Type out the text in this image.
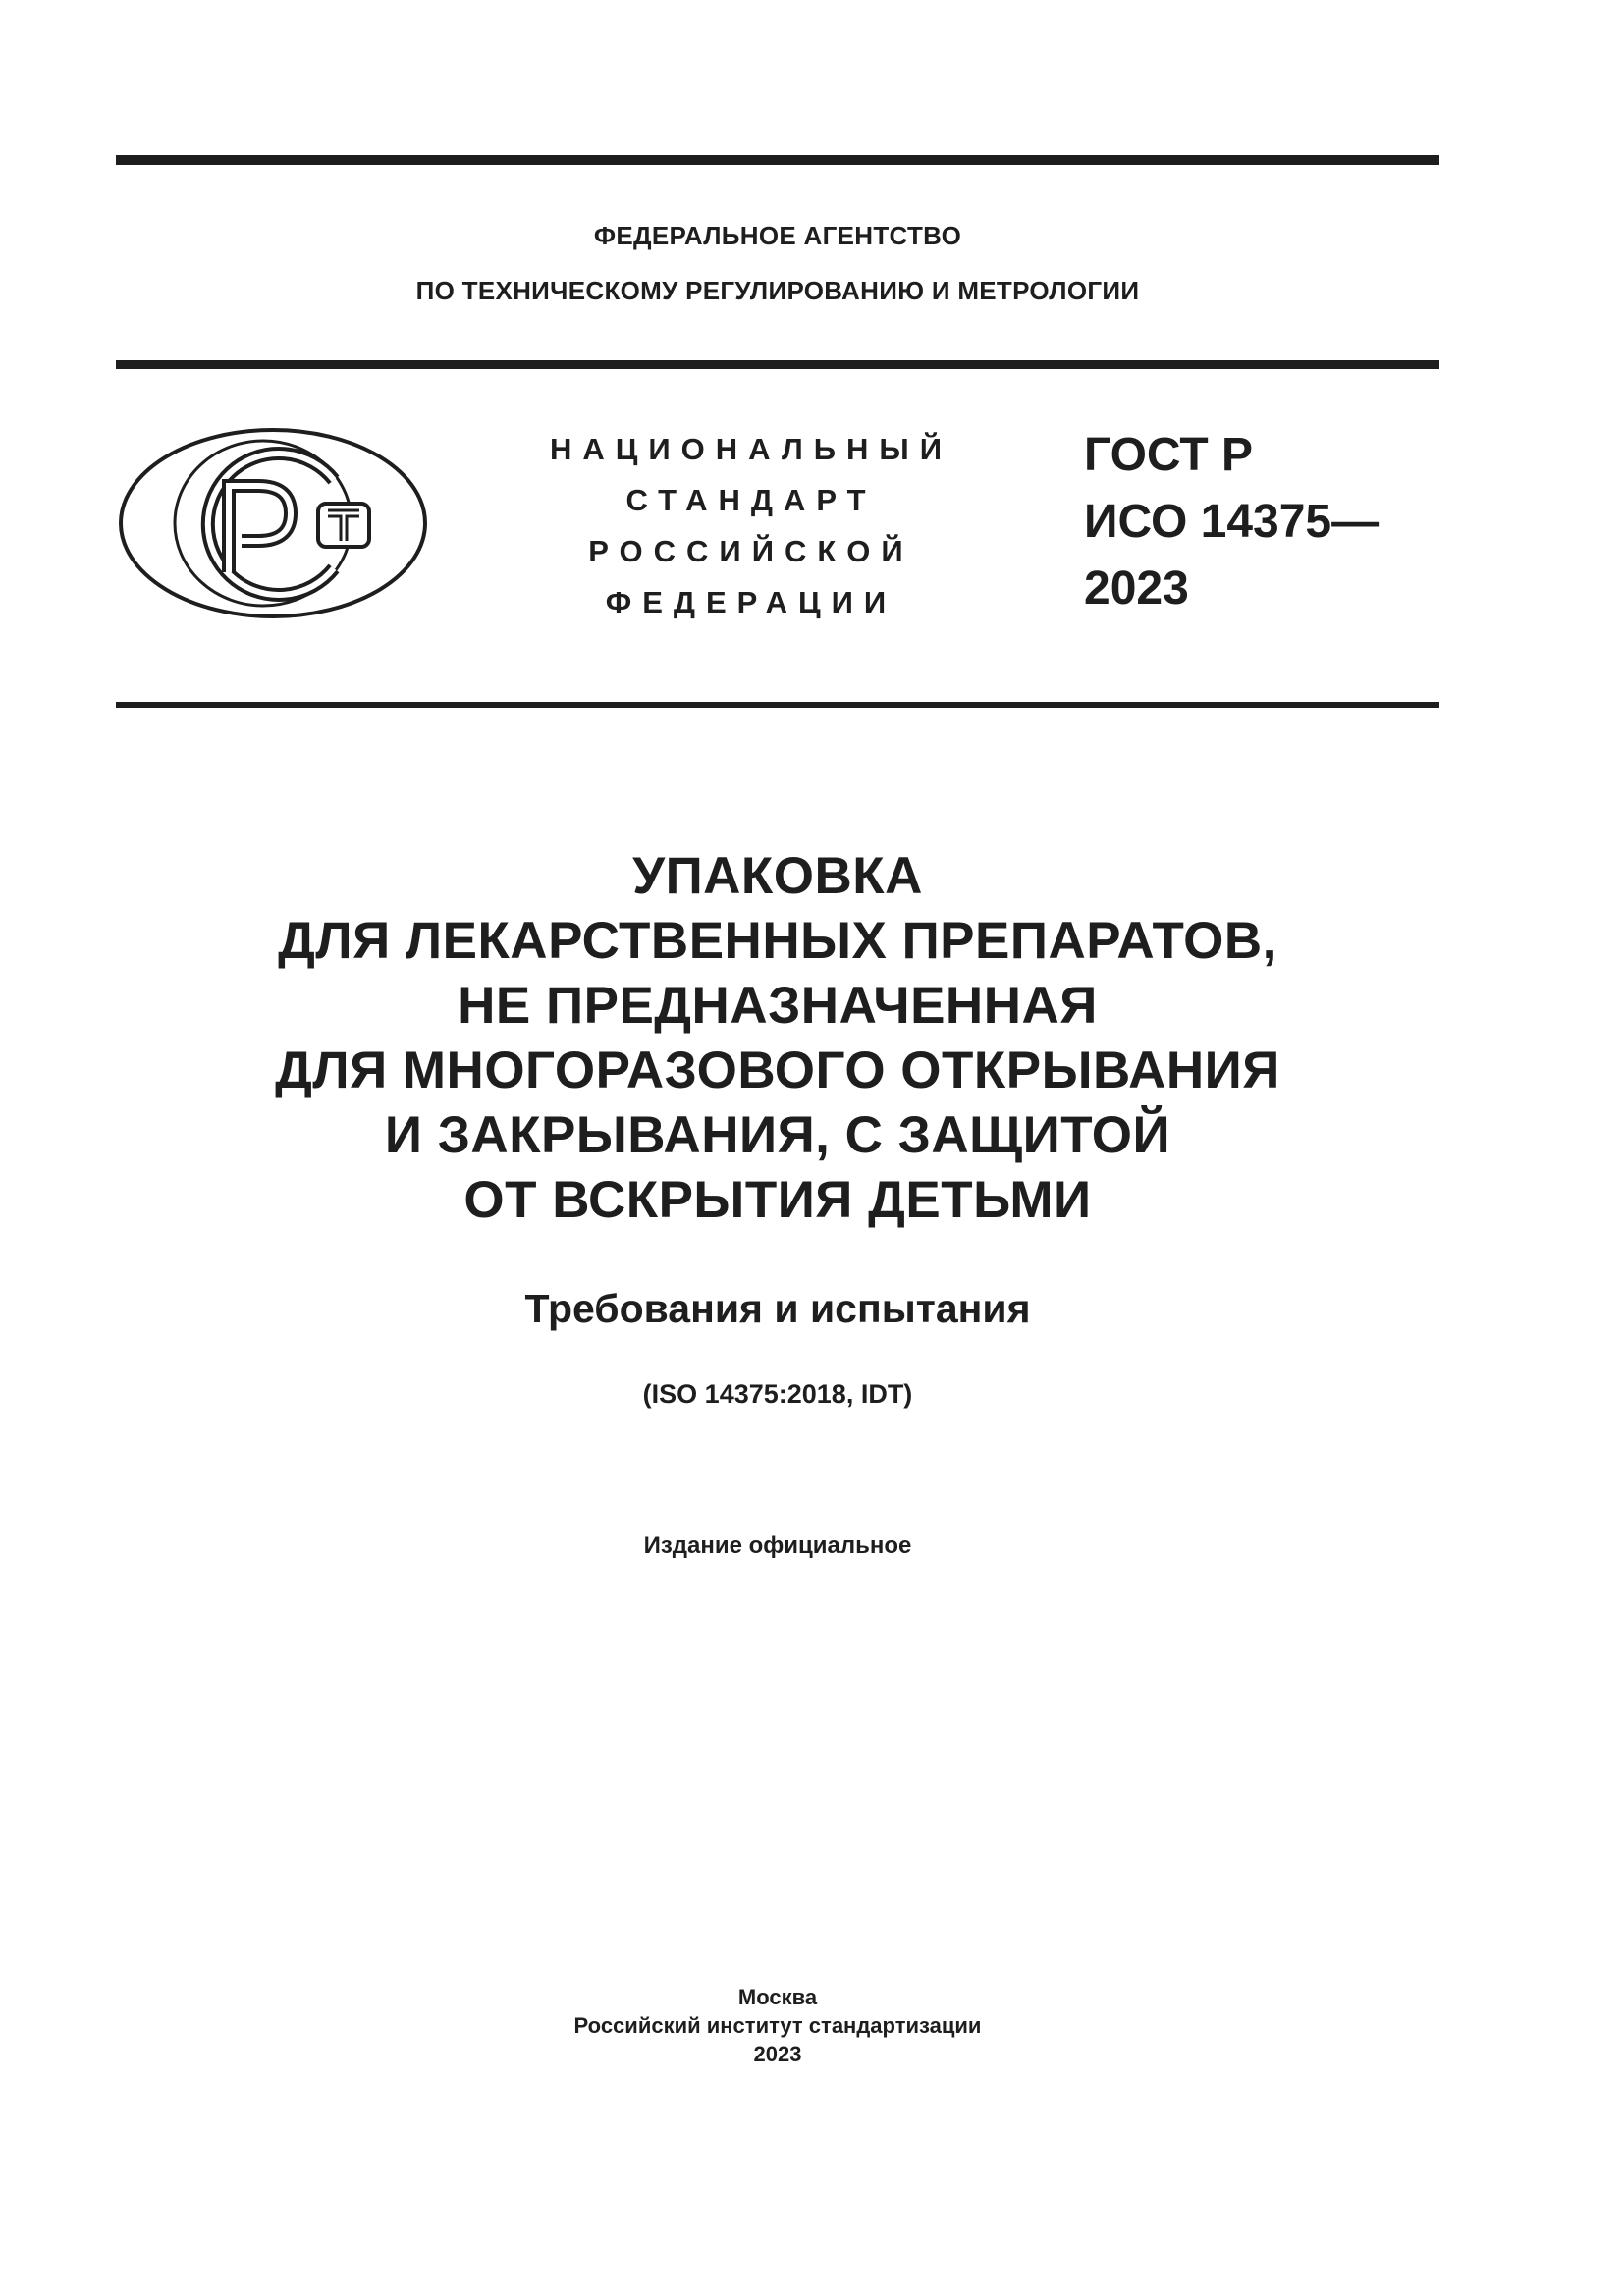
ФЕДЕРАЛЬНОЕ АГЕНТСТВО
ПО ТЕХНИЧЕСКОМУ РЕГУЛИРОВАНИЮ И МЕТРОЛОГИИ
НАЦИОНАЛЬНЫЙ
СТАНДАРТ
РОССИЙСКОЙ
ФЕДЕРАЦИИ
ГОСТ Р
ИСО 14375—
2023
УПАКОВКА
ДЛЯ ЛЕКАРСТВЕННЫХ ПРЕПАРАТОВ,
НЕ ПРЕДНАЗНАЧЕННАЯ
ДЛЯ МНОГОРАЗОВОГО ОТКРЫВАНИЯ
И ЗАКРЫВАНИЯ, С ЗАЩИТОЙ
ОТ ВСКРЫТИЯ ДЕТЬМИ
Требования и испытания
(ISO 14375:2018, IDT)
Издание официальное
Москва
Российский институт стандартизации
2023
